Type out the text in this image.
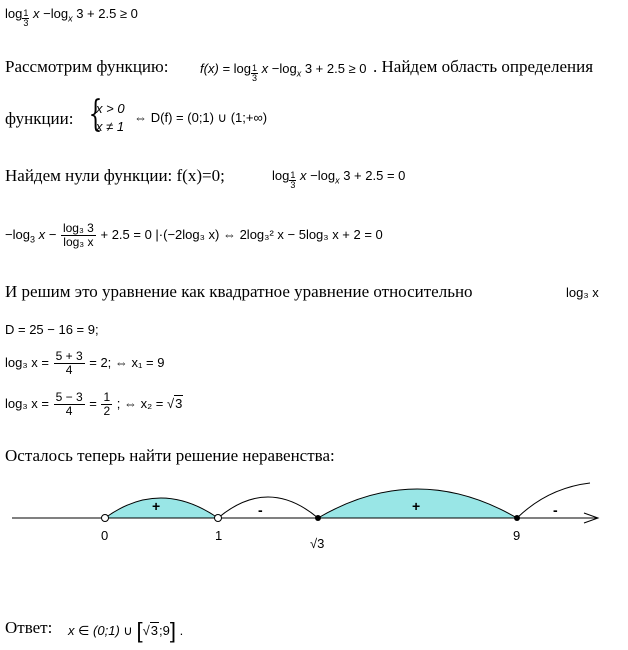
$\log \frac{1}{3}$ $x -\log_x$ 3 + 2.5 ≥ 0
Рассмотрим функцию: $f(x) = \log \frac{1}{3}$ $x -\log_x$ 3 + 2.5 ≥ 0 . Найдем область определения
функции:
{ x > 0
x ≠ 1
⇔ D(f) = (0;1) ∪ (1;+∞)
Найдем нули функции: f(x)=0;	$\log \frac{1}{3}$ $x -\log_x$ 3 + 2.5 = 0
$-\log_3$ $x - \frac{\text{log₃ 3}}{\text{log₃ x}} + 2.5 = 0$ |·(−2log₃ x) ⇔ 2log₃² x − 5log₃ x + 2 = 0
И решим это уравнение как квадратное уравнение относительно	log₃ x
D = 25 − 16 = 9;
log₃ $x = \frac{5 + 3}{4} = 2$; ⇔ x₁ = 9
log₃ $x = \frac{5 - 3}{4} = \frac{1}{2}$ ; ⇔ x₂ = √3
Осталось теперь найти решение неравенства:
0	1
√3
9
+	-	+	-
Ответ: x ∈ (0;1) ∪ [√3;9] .
